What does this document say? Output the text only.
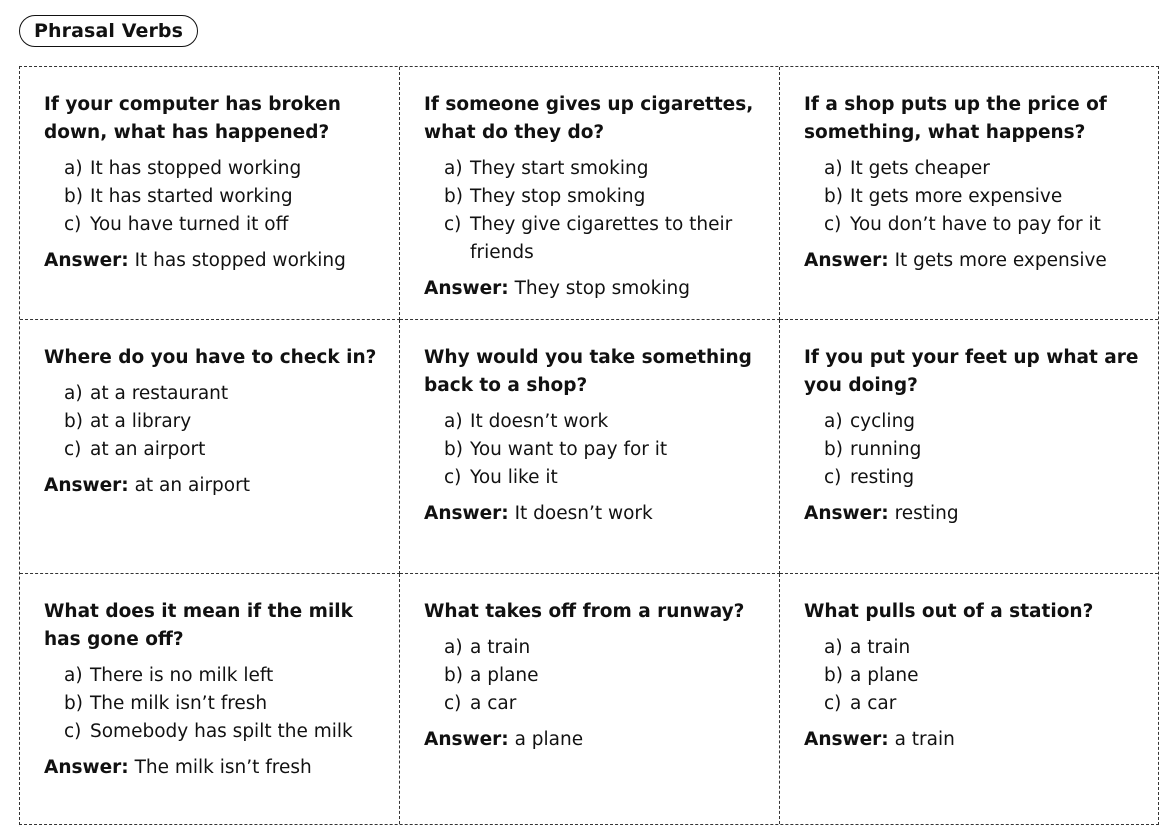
Phrasal Verbs

If your computer has broken down, what has happened?

a) It has stopped working
b) It has started working
c) You have turned it off

Answer: It has stopped working

If someone gives up cigarettes, what do they do?

a) They start smoking
b) They stop smoking
c) They give cigarettes to their friends

Answer: They stop smoking

If a shop puts up the price of something, what happens?

a) It gets cheaper
b) It gets more expensive
c) You don’t have to pay for it

Answer: It gets more expensive

Where do you have to check in?

a) at a restaurant
b) at a library
c) at an airport

Answer: at an airport

Why would you take something back to a shop?

a) It doesn’t work
b) You want to pay for it
c) You like it

Answer: It doesn’t work

If you put your feet up what are you doing?

a) cycling
b) running
c) resting

Answer: resting

What does it mean if the milk has gone off?

a) There is no milk left
b) The milk isn’t fresh
c) Somebody has spilt the milk

Answer: The milk isn’t fresh

What takes off from a runway?

a) a train
b) a plane
c) a car

Answer: a plane

What pulls out of a station?

a) a train
b) a plane
c) a car

Answer: a train
